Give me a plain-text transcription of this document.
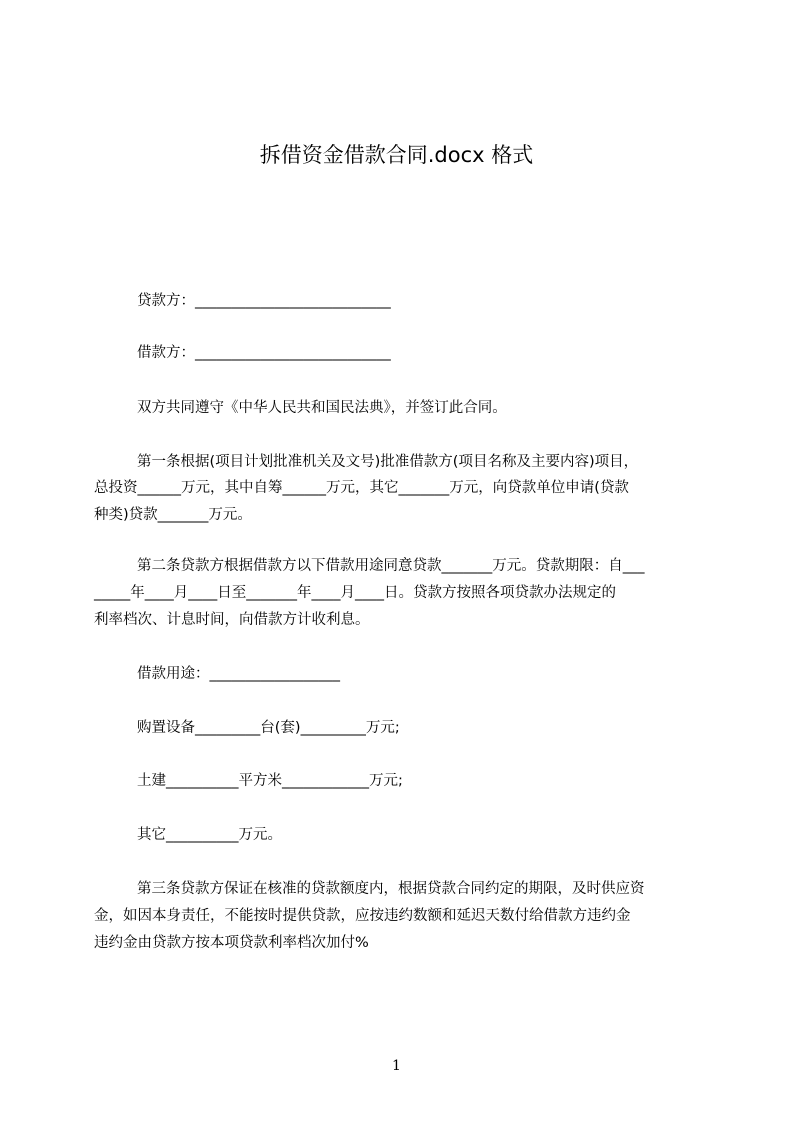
拆借资金借款合同.docx 格式
贷款方：___________________________
借款方：___________________________
双方共同遵守《中华人民共和国民法典》，并签订此合同。
第一条根据(项目计划批准机关及文号)批准借款方(项目名称及主要内容)项目，
总投资______万元，其中自筹______万元，其它_______万元，向贷款单位申请(贷款
种类)贷款_______万元。
第二条贷款方根据借款方以下借款用途同意贷款_______万元。贷款期限：自___
_____年____月____日至_______年____月____日。贷款方按照各项贷款办法规定的
利率档次、计息时间，向借款方计收利息。
借款用途：__________________
购置设备_________台(套)_________万元;
土建__________平方米____________万元;
其它__________万元。
第三条贷款方保证在核准的贷款额度内，根据贷款合同约定的期限，及时供应资
金，如因本身责任，不能按时提供贷款，应按违约数额和延迟天数付给借款方违约金
违约金由贷款方按本项贷款利率档次加付%
1
